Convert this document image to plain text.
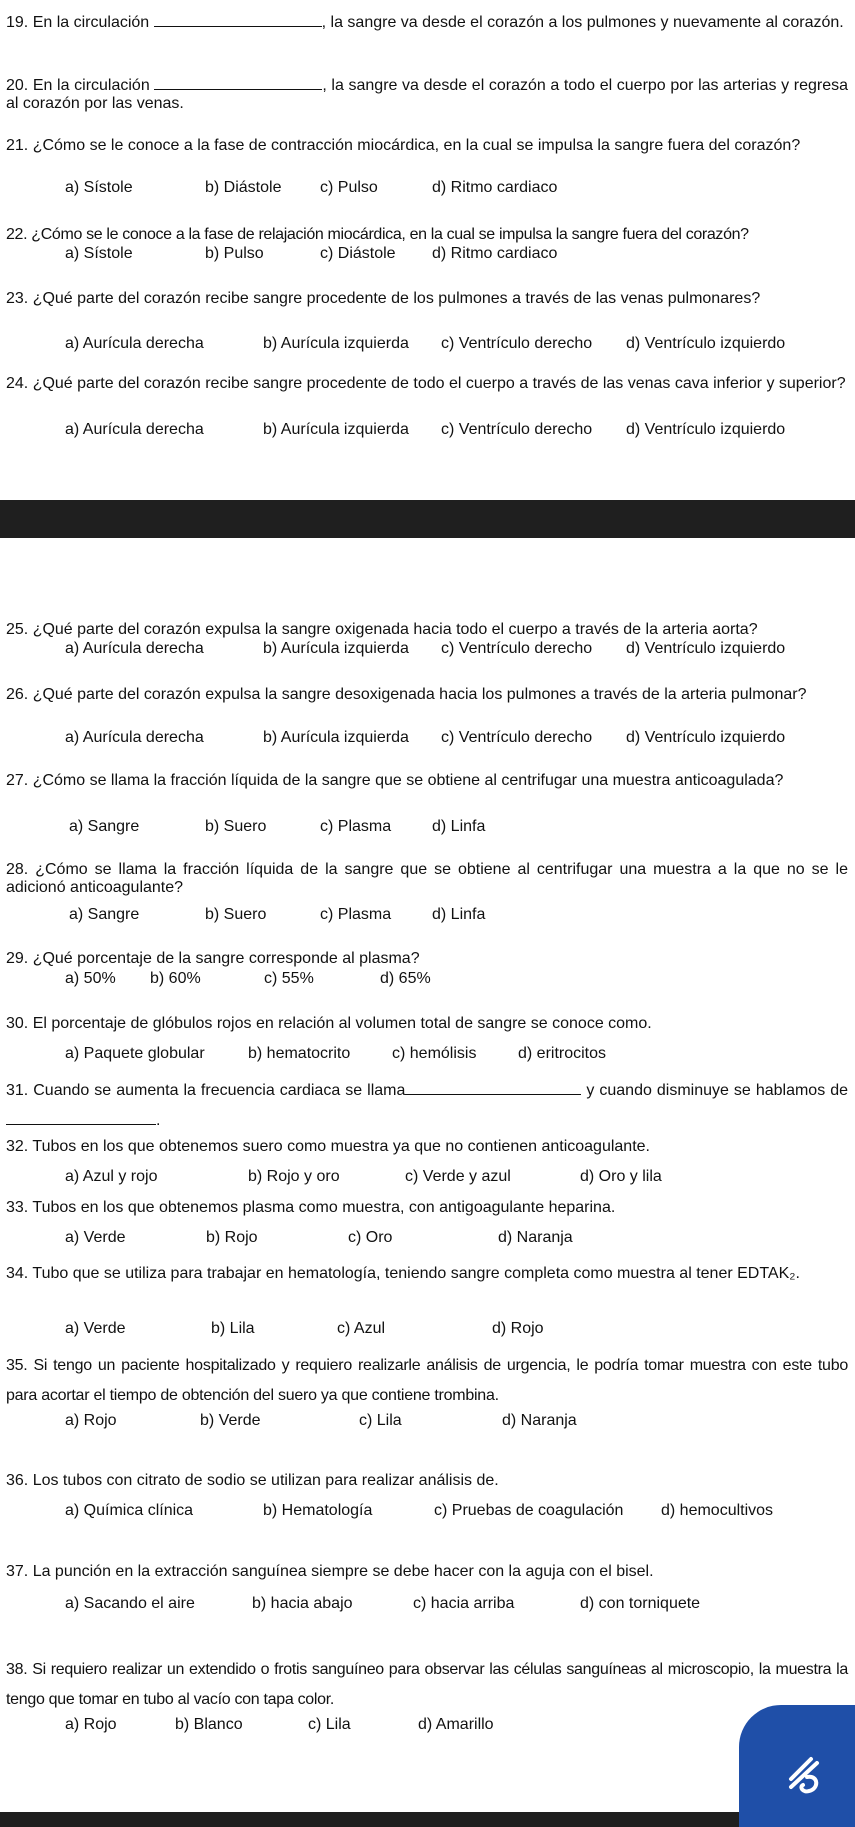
19. En la circulación	, la sangre va desde el corazón a los pulmones y nuevamente al corazón.

20. En la circulación	, la sangre va desde el corazón a todo el cuerpo por las arterias y regresa al corazón por las venas.

21. ¿Cómo se le conoce a la fase de contracción miocárdica, en la cual se impulsa la sangre fuera del corazón?

a) Sístole	b) Diástole c) Pulso	d) Ritmo cardiaco

22. ¿Cómo se le conoce a la fase de relajación miocárdica, en la cual se impulsa la sangre fuera del corazón?

a) Sístole	b) Pulso	c) Diástole d) Ritmo cardiaco

23. ¿Qué parte del corazón recibe sangre procedente de los pulmones a través de las venas pulmonares?

a) Aurícula derecha	b) Aurícula izquierda c) Ventrículo derecho d) Ventrículo izquierdo

24. ¿Qué parte del corazón recibe sangre procedente de todo el cuerpo a través de las venas cava inferior y superior?

a) Aurícula derecha	b) Aurícula izquierda c) Ventrículo derecho d) Ventrículo izquierdo

25. ¿Qué parte del corazón expulsa la sangre oxigenada hacia todo el cuerpo a través de la arteria aorta?

a) Aurícula derecha	b) Aurícula izquierda c) Ventrículo derecho d) Ventrículo izquierdo

26. ¿Qué parte del corazón expulsa la sangre desoxigenada hacia los pulmones a través de la arteria pulmonar?

a) Aurícula derecha	b) Aurícula izquierda c) Ventrículo derecho d) Ventrículo izquierdo

27. ¿Cómo se llama la fracción líquida de la sangre que se obtiene al centrifugar una muestra anticoagulada?

a) Sangre	b) Suero	c) Plasma	d) Linfa

28. ¿Cómo se llama la fracción líquida de la sangre que se obtiene al centrifugar una muestra a la que no se le adicionó anticoagulante?

a) Sangre	b) Suero	c) Plasma	d) Linfa

29. ¿Qué porcentaje de la sangre corresponde al plasma?

a) 50% b) 60%	c) 55%	d) 65%

30. El porcentaje de glóbulos rojos en relación al volumen total de sangre se conoce como.

a) Paquete globular	b) hematocrito	c) hemólisis	d) eritrocitos

31. Cuando se aumenta la frecuencia cardiaca se llama	y cuando disminuye se hablamos de .

32. Tubos en los que obtenemos suero como muestra ya que no contienen anticoagulante.

a) Azul y rojo	b) Rojo y oro	c) Verde y azul	d) Oro y lila

33. Tubos en los que obtenemos plasma como muestra, con antigoagulante heparina.

a) Verde	b) Rojo	c) Oro	d) Naranja

34. Tubo que se utiliza para trabajar en hematología, teniendo sangre completa como muestra al tener EDTAK₂.

a) Verde	b) Lila	c) Azul	d) Rojo

35. Si tengo un paciente hospitalizado y requiero realizarle análisis de urgencia, le podría tomar muestra con este tubo para acortar el tiempo de obtención del suero ya que contiene trombina.

a) Rojo	b) Verde	c) Lila	d) Naranja

36. Los tubos con citrato de sodio se utilizan para realizar análisis de.

a) Química clínica	b) Hematología	c) Pruebas de coagulación d) hemocultivos

37. La punción en la extracción sanguínea siempre se debe hacer con la aguja con el bisel.

a) Sacando el aire	b) hacia abajo	c) hacia arriba	d) con torniquete

38. Si requiero realizar un extendido o frotis sanguíneo para observar las células sanguíneas al microscopio, la muestra la tengo que tomar en tubo al vacío con tapa color.

a) Rojo	b) Blanco	c) Lila	d) Amarillo
